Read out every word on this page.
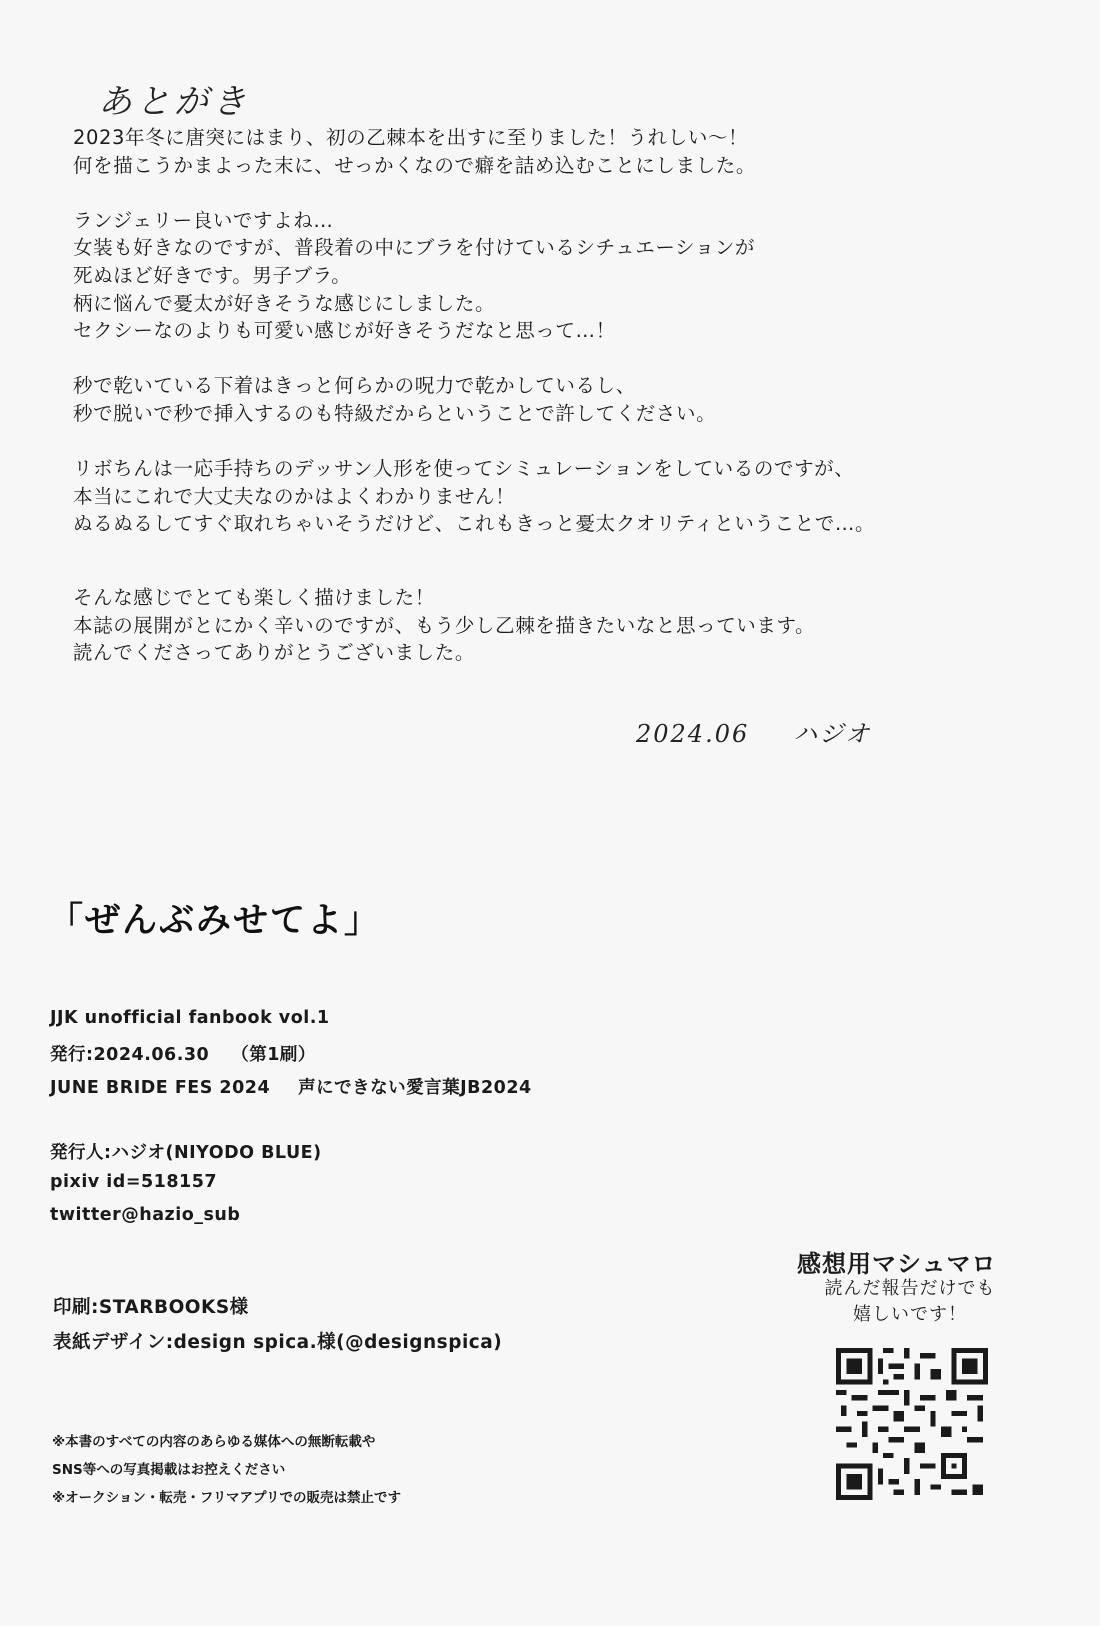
あとがき

2023年冬に唐突にはまり、初の乙棘本を出すに至りました！うれしい〜！
何を描こうかまよった末に、せっかくなので癖を詰め込むことにしました。

ランジェリー良いですよね…
女装も好きなのですが、普段着の中にブラを付けているシチュエーションが
死ぬほど好きです。男子ブラ。
柄に悩んで憂太が好きそうな感じにしました。
セクシーなのよりも可愛い感じが好きそうだなと思って…！

秒で乾いている下着はきっと何らかの呪力で乾かしているし、
秒で脱いで秒で挿入するのも特級だからということで許してください。

リボちんは一応手持ちのデッサン人形を使ってシミュレーションをしているのですが、
本当にこれで大丈夫なのかはよくわかりません！
ぬるぬるしてすぐ取れちゃいそうだけど、これもきっと憂太クオリティということで…。

そんな感じでとても楽しく描けました！
本誌の展開がとにかく辛いのですが、もう少し乙棘を描きたいなと思っています。
読んでくださってありがとうございました。

2024.06 ハジオ
「ぜんぶみせてよ」
JJK unofficial fanbook vol.1
発行:2024.06.30 （第1刷）
JUNE BRIDE FES 2024 声にできない愛言葉JB2024
発行人:ハジオ(NIYODO BLUE)
pixiv id=518157
twitter@hazio_sub
印刷:STARBOOKS様
表紙デザイン:design spica.様(@designspica)
※本書のすべての内容のあらゆる媒体への無断転載や
SNS等への写真掲載はお控えください
※オークション・転売・フリマアプリでの販売は禁止です
感想用マシュマロ
読んだ報告だけでも
嬉しいです！
